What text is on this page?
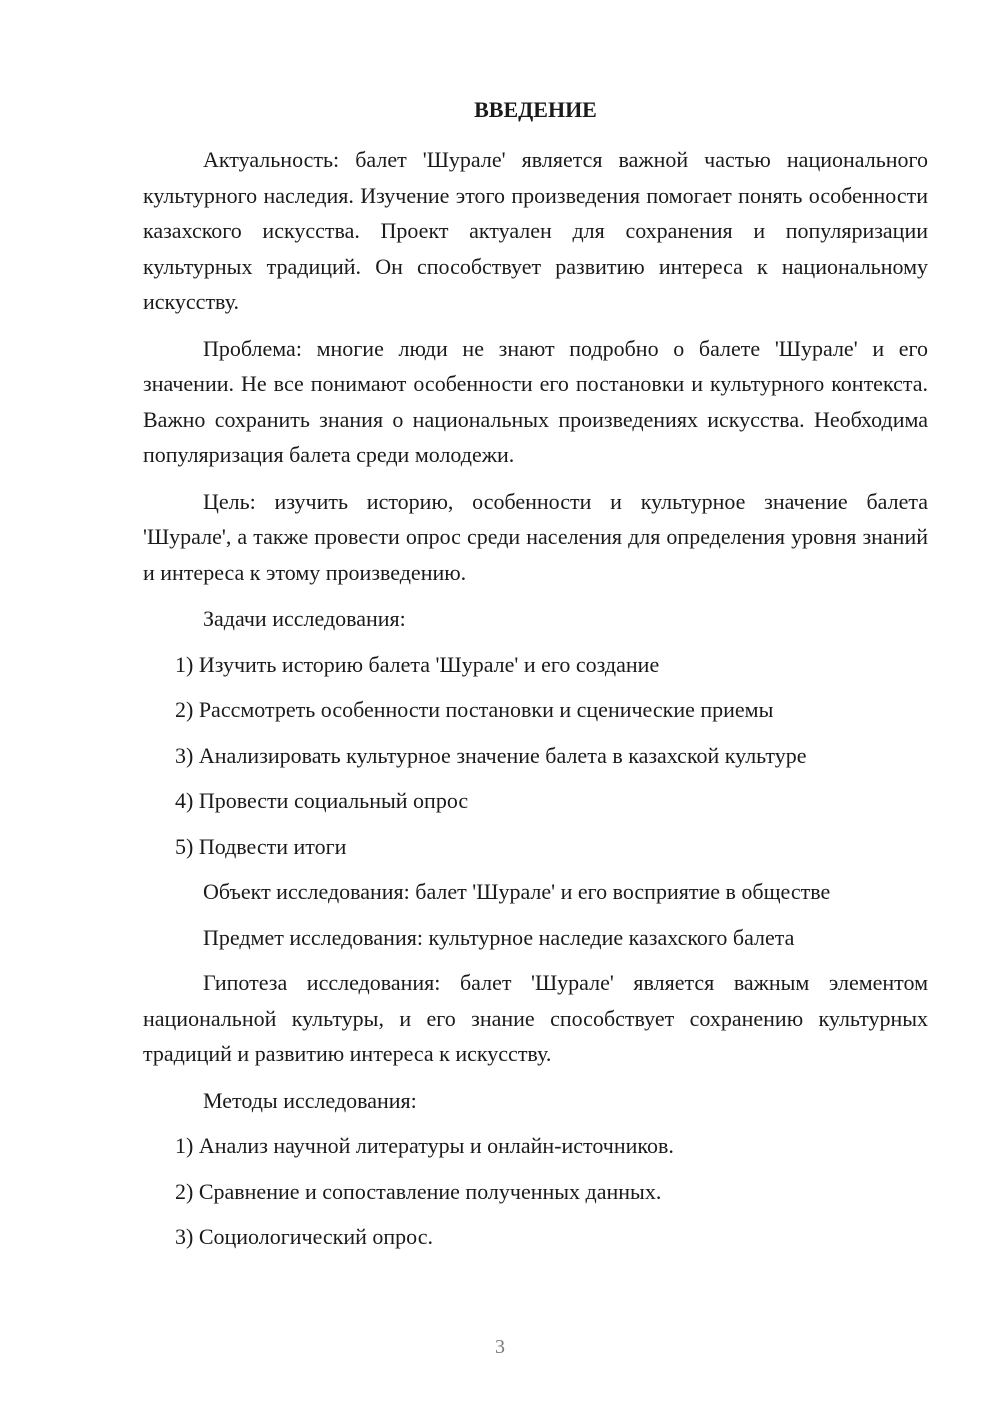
ВВЕДЕНИЕ

Актуальность: балет 'Шурале' является важной частью национального культурного наследия. Изучение этого произведения помогает понять особенности казахского искусства. Проект актуален для сохранения и популяризации культурных традиций. Он способствует развитию интереса к национальному искусству.

Проблема: многие люди не знают подробно о балете 'Шурале' и его значении. Не все понимают особенности его постановки и культурного контекста. Важно сохранить знания о национальных произведениях искусства. Необходима популяризация балета среди молодежи.

Цель: изучить историю, особенности и культурное значение балета 'Шурале', а также провести опрос среди населения для определения уровня знаний и интереса к этому произведению.

Задачи исследования:

1) Изучить историю балета 'Шурале' и его создание

2) Рассмотреть особенности постановки и сценические приемы

3) Анализировать культурное значение балета в казахской культуре

4) Провести социальный опрос

5) Подвести итоги

Объект исследования: балет 'Шурале' и его восприятие в обществе

Предмет исследования: культурное наследие казахского балета

Гипотеза исследования: балет 'Шурале' является важным элементом национальной культуры, и его знание способствует сохранению культурных традиций и развитию интереса к искусству.

Методы исследования:

1) Анализ научной литературы и онлайн-источников.

2) Сравнение и сопоставление полученных данных.

3) Социологический опрос.

3
